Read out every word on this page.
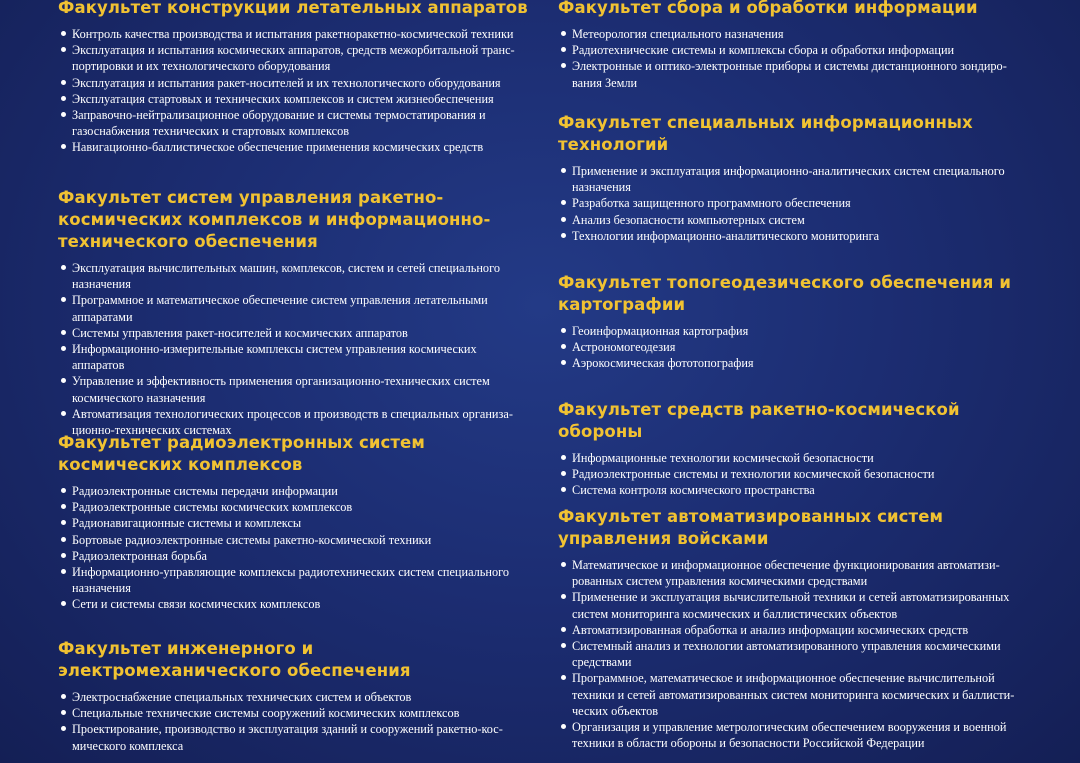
Факультет конструкции летательных аппаратов
Контроль качества производства и испытания ракетноракетно-космической техники
Эксплуатация и испытания космических аппаратов, средств межорбитальной транспортировки и их технологического оборудования
Эксплуатация и испытания ракет-носителей и их технологического оборудования
Эксплуатация стартовых и технических комплексов и систем жизнеобеспечения
Заправочно-нейтрализационное оборудование и системы термостатирования и газоснабжения технических и стартовых комплексов
Навигационно-баллистическое обеспечение применения космических средств
Факультет систем управления ракетно-космических комплексов и информационно-технического обеспечения
Эксплуатация вычислительных машин, комплексов, систем и сетей специального назначения
Программное и математическое обеспечение систем управления летательными аппаратами
Системы управления ракет-носителей и космических аппаратов
Информационно-измерительные комплексы систем управления космических аппаратов
Управление и эффективность применения организационно-технических систем космического назначения
Автоматизация технологических процессов и производств в специальных организационно-технических системах
Факультет радиоэлектронных систем космических комплексов
Радиоэлектронные системы передачи информации
Радиоэлектронные системы космических комплексов
Радионавигационные системы и комплексы
Бортовые радиоэлектронные системы ракетно-космической техники
Радиоэлектронная борьба
Информационно-управляющие комплексы радиотехнических систем специального назначения
Сети и системы связи космических комплексов
Факультет инженерного и электромеханического обеспечения
Электроснабжение специальных технических систем и объектов
Специальные технические системы сооружений космических комплексов
Проектирование, производство и эксплуатация зданий и сооружений ракетно-космического комплекса
Факультет сбора и обработки информации
Метеорология специального назначения
Радиотехнические системы и комплексы сбора и обработки информации
Электронные и оптико-электронные приборы и системы дистанционного зондирования Земли
Факультет специальных информационных технологий
Применение и эксплуатация информационно-аналитических систем специального назначения
Разработка защищенного программного обеспечения
Анализ безопасности компьютерных систем
Технологии информационно-аналитического мониторинга
Факультет топогеодезического обеспечения и картографии
Геоинформационная картография
Астрономогеодезия
Аэрокосмическая фототопография
Факультет средств ракетно-космической обороны
Информационные технологии космической безопасности
Радиоэлектронные системы и технологии космической безопасности
Система контроля космического пространства
Факультет автоматизированных систем управления войсками
Математическое и информационное обеспечение функционирования автоматизированных систем управления космическими средствами
Применение и эксплуатация вычислительной техники и сетей автоматизированных систем мониторинга космических и баллистических объектов
Автоматизированная обработка и анализ информации космических средств
Системный анализ и технологии автоматизированного управления космическими средствами
Программное, математическое и информационное обеспечение вычислительной техники и сетей автоматизированных систем мониторинга космических и баллистических объектов
Организация и управление метрологическим обеспечением вооружения и военной техники в области обороны и безопасности Российской Федерации
